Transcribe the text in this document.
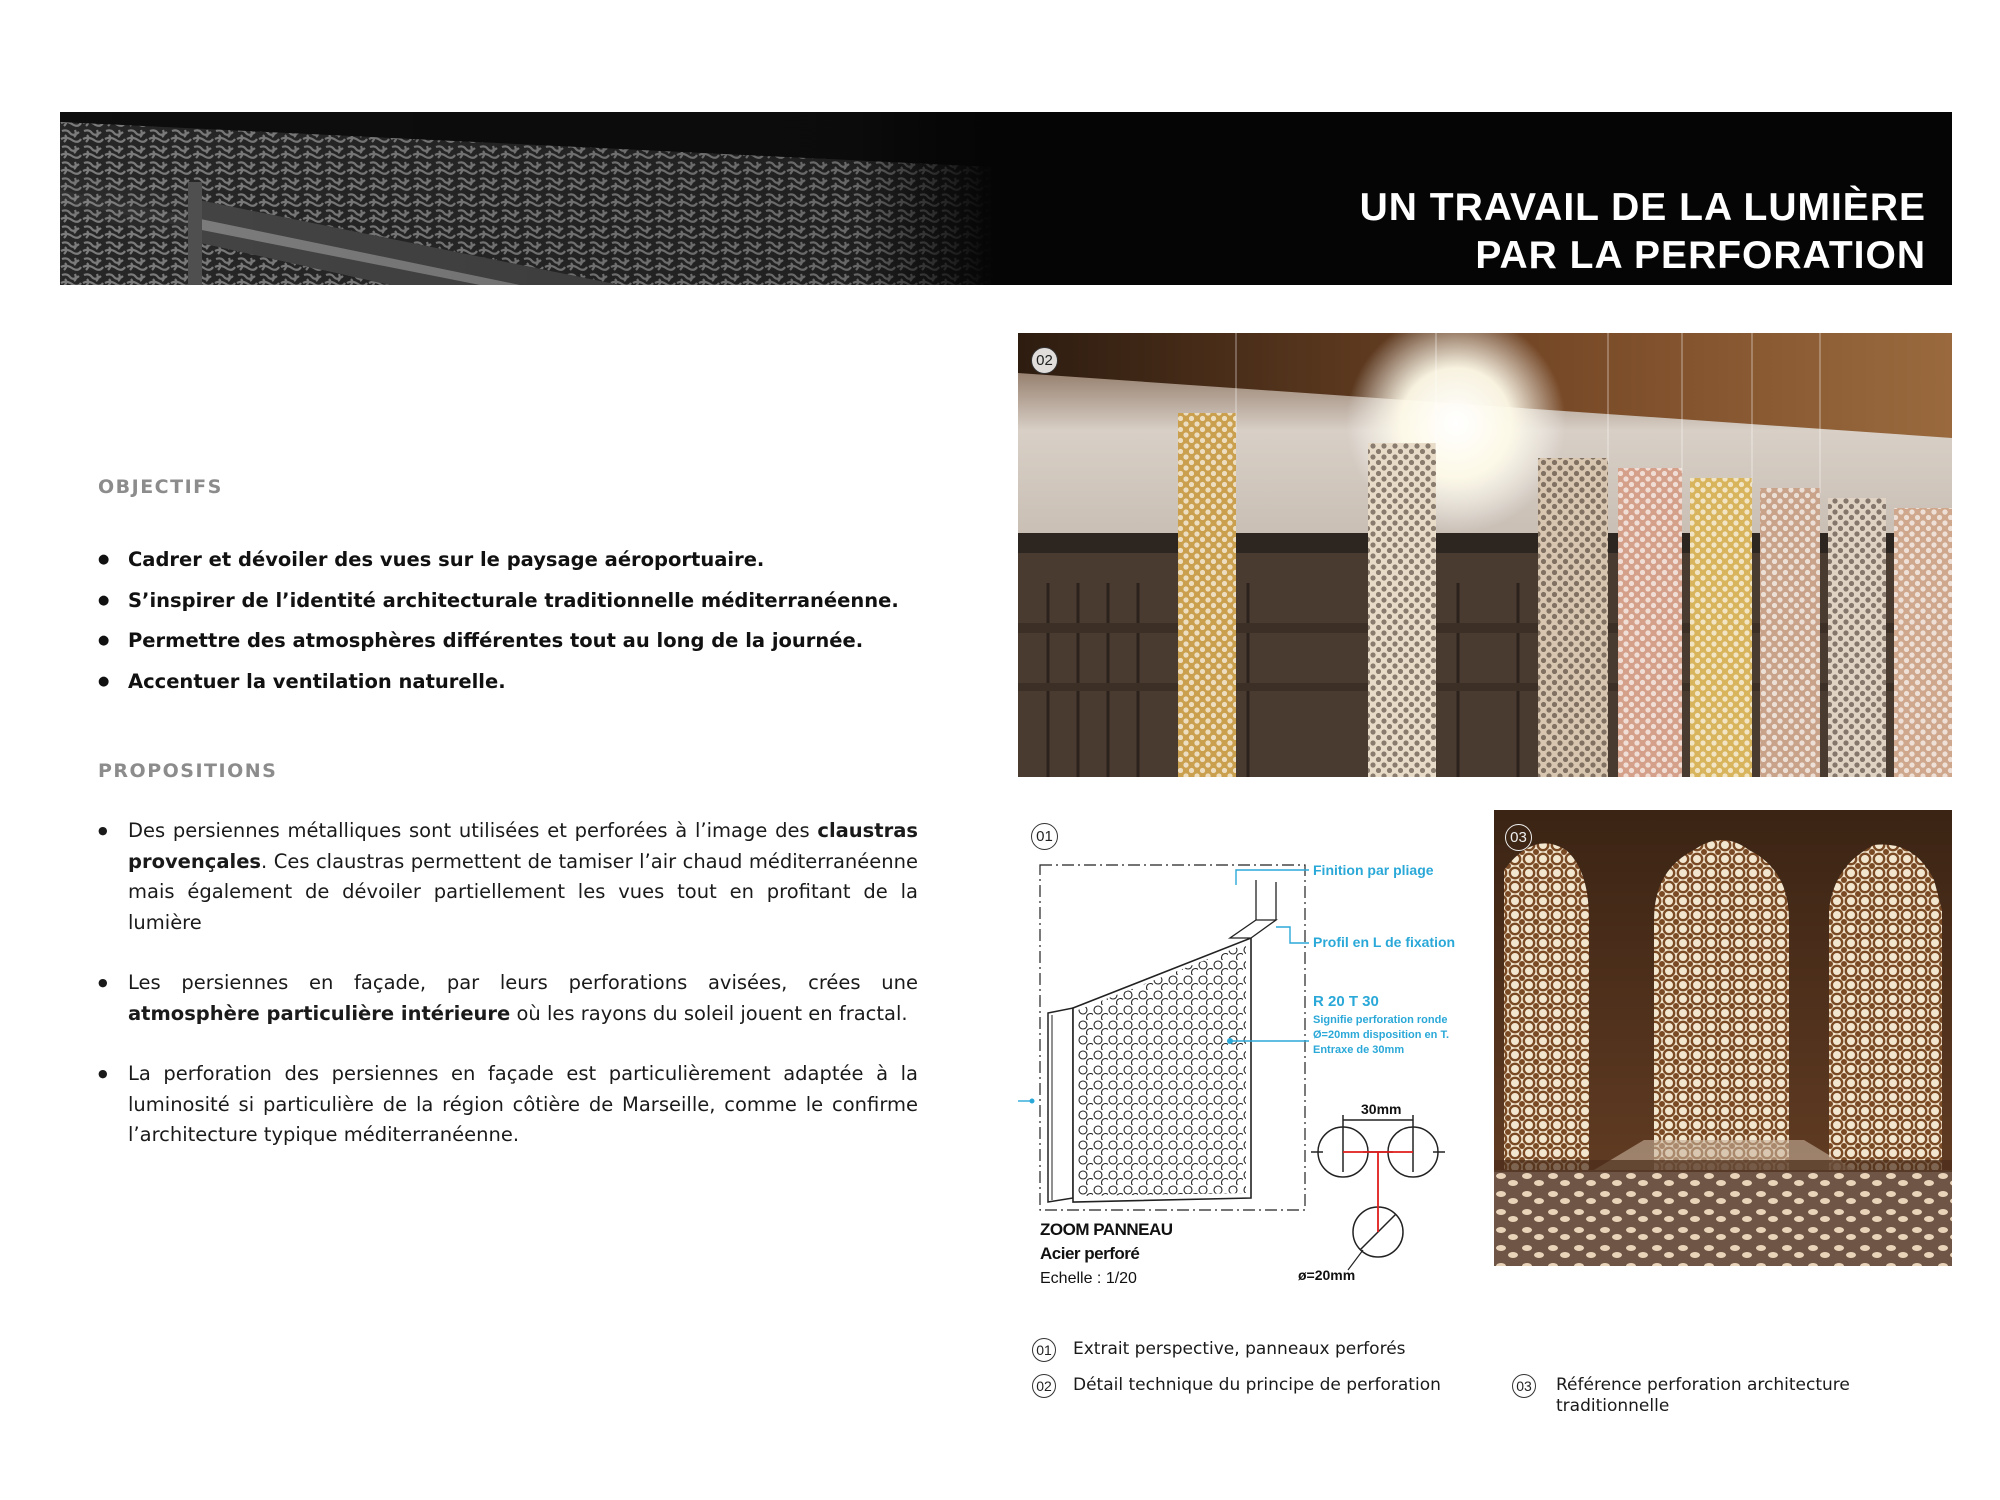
UN TRAVAIL DE LA LUMIÈRE
PAR LA PERFORATION
OBJECTIFS
● Cadrer et dévoiler des vues sur le paysage aéroportuaire.
● S’inspirer de l’identité architecturale traditionnelle méditerranéenne.
● Permettre des atmosphères différentes tout au long de la journée.
● Accentuer la ventilation naturelle.
PROPOSITIONS
● Des persiennes métalliques sont utilisées et perforées à l’image des claustras provençales. Ces claustras permettent de tamiser l’air chaud méditerranéenne mais également de dévoiler partiellement les vues tout en profitant de la lumière
● Les persiennes en façade, par leurs perforations avisées, crées une atmosphère particulière intérieure où les rayons du soleil jouent en fractal.
● La perforation des persiennes en façade est particulièrement adaptée à la luminosité si particulière de la région côtière de Marseille, comme le confirme l’architecture typique méditerranéenne.
02
Finition par pliage
Profil en L de fixation
R 20 T 30
Signifie perforation ronde
Ø=20mm disposition en T.
Entraxe de 30mm
30mm
ø=20mm
ZOOM PANNEAU
Acier perforé
Echelle : 1/20
01	03
01 Extrait perspective, panneaux perforés
02 Détail technique du principe de perforation	03 Référence perforation architecture
traditionnelle
